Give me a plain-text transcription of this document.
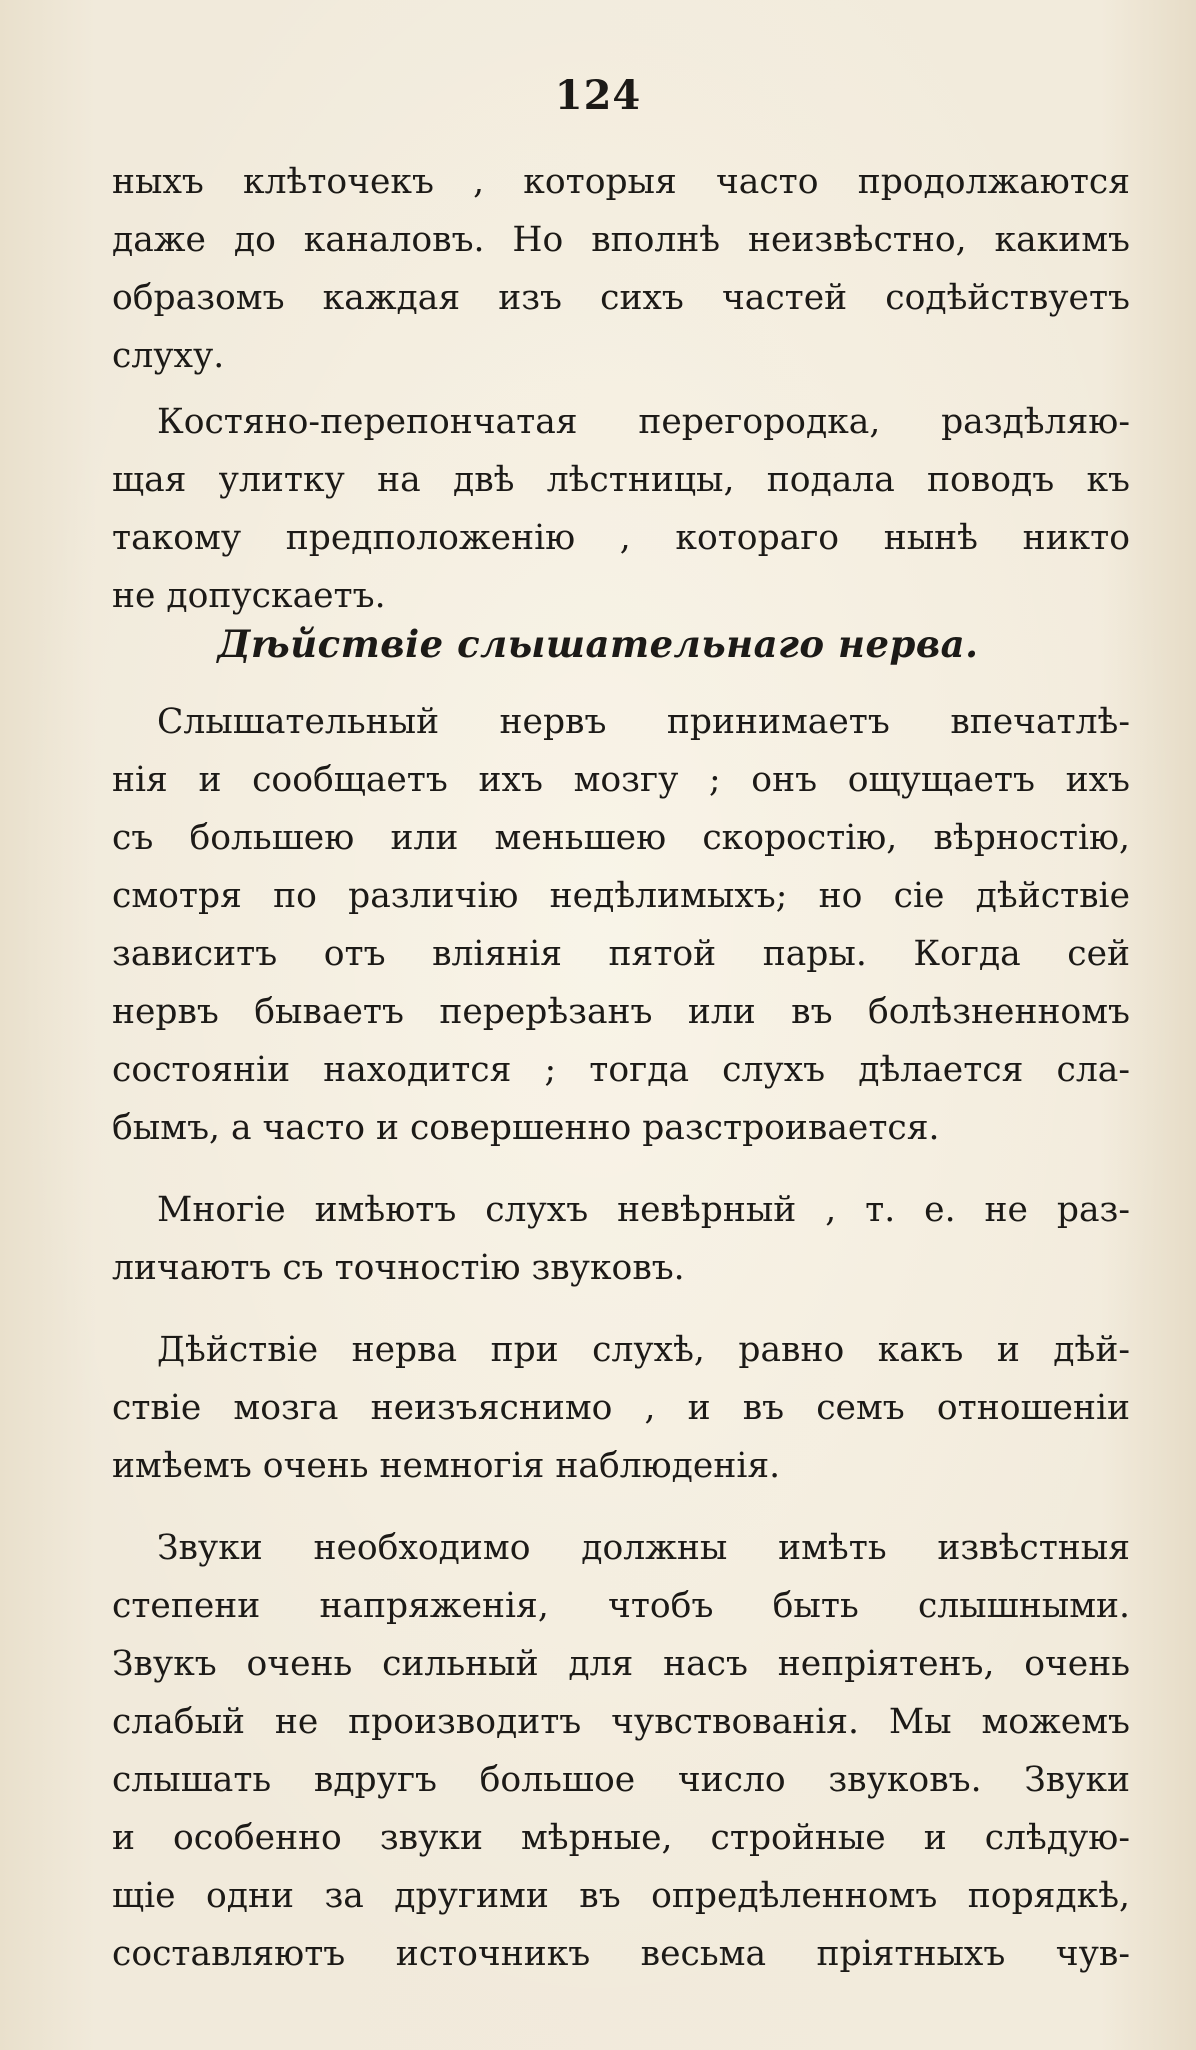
124
ныхъ клѣточекъ , которыя часто продолжаются
даже до каналовъ. Но вполнѣ неизвѣстно, какимъ
образомъ каждая изъ сихъ частей содѣйствуетъ
слуху.
Костяно-перепончатая перегородка, раздѣляю-
щая улитку на двѣ лѣстницы, подала поводъ къ
такому предположенію , котораго нынѣ никто
не допускаетъ.
Дѣйствіе слышательнаго нерва.
Слышательный нервъ принимаетъ впечатлѣ-
нія и сообщаетъ ихъ мозгу ; онъ ощущаетъ ихъ
съ большею или меньшею скоростію, вѣрностію,
смотря по различію недѣлимыхъ; но сіе дѣйствіе
зависитъ отъ вліянія пятой пары. Когда сей
нервъ бываетъ перерѣзанъ или въ болѣзненномъ
состояніи находится ; тогда слухъ дѣлается сла-
бымъ, а часто и совершенно разстроивается.
Многіе имѣютъ слухъ невѣрный , т. е. не раз-
личаютъ съ точностію звуковъ.
Дѣйствіе нерва при слухѣ, равно какъ и дѣй-
ствіе мозга неизъяснимо , и въ семъ отношеніи
имѣемъ очень немногія наблюденія.
Звуки необходимо должны имѣть извѣстныя
степени напряженія, чтобъ быть слышными.
Звукъ очень сильный для насъ непріятенъ, очень
слабый не производитъ чувствованія. Мы можемъ
слышать вдругъ большое число звуковъ. Звуки
и особенно звуки мѣрные, стройные и слѣдую-
щіе одни за другими въ опредѣленномъ порядкѣ,
составляютъ источникъ весьма пріятныхъ чув-
